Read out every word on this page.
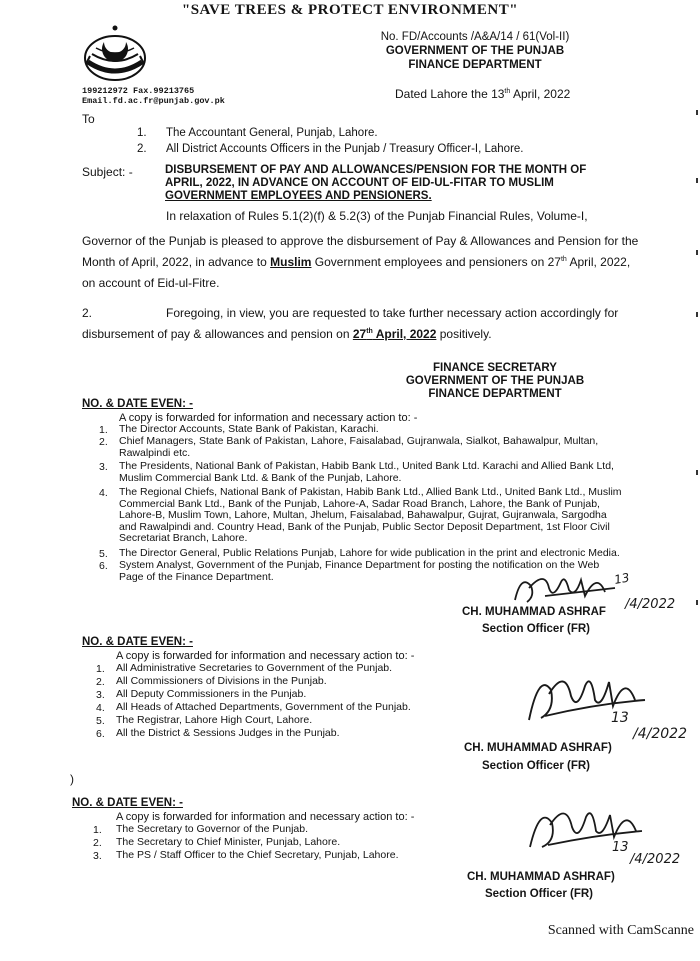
"SAVE TREES & PROTECT ENVIRONMENT"
No. FD/Accounts /A&A/14 / 61(Vol-II)
GOVERNMENT OF THE PUNJAB
FINANCE DEPARTMENT
199212972 Fax.99213765
Email.fd.ac.fr@punjab.gov.pk	Dated Lahore the 13th April, 2022
To
1. The Accountant General, Punjab, Lahore.
2. All District Accounts Officers in the Punjab / Treasury Officer-I, Lahore.
Subject: -	DISBURSEMENT OF PAY AND ALLOWANCES/PENSION FOR THE MONTH OF
APRIL, 2022, IN ADVANCE ON ACCOUNT OF EID-UL-FITAR TO MUSLIM
GOVERNMENT EMPLOYEES AND PENSIONERS.
In relaxation of Rules 5.1(2)(f) & 5.2(3) of the Punjab Financial Rules, Volume-I,
Governor of the Punjab is pleased to approve the disbursement of Pay & Allowances and Pension for the
Month of April, 2022, in advance to Muslim Government employees and pensioners on 27th April, 2022,
on account of Eid-ul-Fitre.
2.	Foregoing, in view, you are requested to take further necessary action accordingly for
disbursement of pay & allowances and pension on 27th April, 2022 positively.
FINANCE SECRETARY
GOVERNMENT OF THE PUNJAB
FINANCE DEPARTMENT
NO. & DATE EVEN: -
A copy is forwarded for information and necessary action to: -
1. The Director Accounts, State Bank of Pakistan, Karachi.
2. Chief Managers, State Bank of Pakistan, Lahore, Faisalabad, Gujranwala, Sialkot, Bahawalpur, Multan,
Rawalpindi etc.
3. The Presidents, National Bank of Pakistan, Habib Bank Ltd., United Bank Ltd. Karachi and Allied Bank Ltd,
Muslim Commercial Bank Ltd. & Bank of the Punjab, Lahore.
4. The Regional Chiefs, National Bank of Pakistan, Habib Bank Ltd., Allied Bank Ltd., United Bank Ltd., Muslim
Commercial Bank Ltd., Bank of the Punjab, Lahore-A, Sadar Road Branch, Lahore, the Bank of Punjab,
Lahore-B, Muslim Town, Lahore, Multan, Jhelum, Faisalabad, Bahawalpur, Gujrat, Gujranwala, Sargodha
and Rawalpindi and. Country Head, Bank of the Punjab, Public Sector Deposit Department, 1st Floor Civil
Secretariat Branch, Lahore.
5. The Director General, Public Relations Punjab, Lahore for wide publication in the print and electronic Media.
6. System Analyst, Government of the Punjab, Finance Department for posting the notification on the Web
Page of the Finance Department.	13
/4/2022
CH. MUHAMMAD ASHRAF
Section Officer (FR)
NO. & DATE EVEN: -
A copy is forwarded for information and necessary action to: -
1. All Administrative Secretaries to Government of the Punjab.
2. All Commissioners of Divisions in the Punjab.
3. All Deputy Commissioners in the Punjab.
4. All Heads of Attached Departments, Government of the Punjab.
5. The Registrar, Lahore High Court, Lahore.
6. All the District & Sessions Judges in the Punjab.
13
/4/2022
CH. MUHAMMAD ASHRAF)
Section Officer (FR)
)
NO. & DATE EVEN: -
A copy is forwarded for information and necessary action to: -
1. The Secretary to Governor of the Punjab.
2. The Secretary to Chief Minister, Punjab, Lahore.
3. The PS / Staff Officer to the Chief Secretary, Punjab, Lahore.	13
/4/2022
CH. MUHAMMAD ASHRAF)
Section Officer (FR)
Scanned with CamScanne
